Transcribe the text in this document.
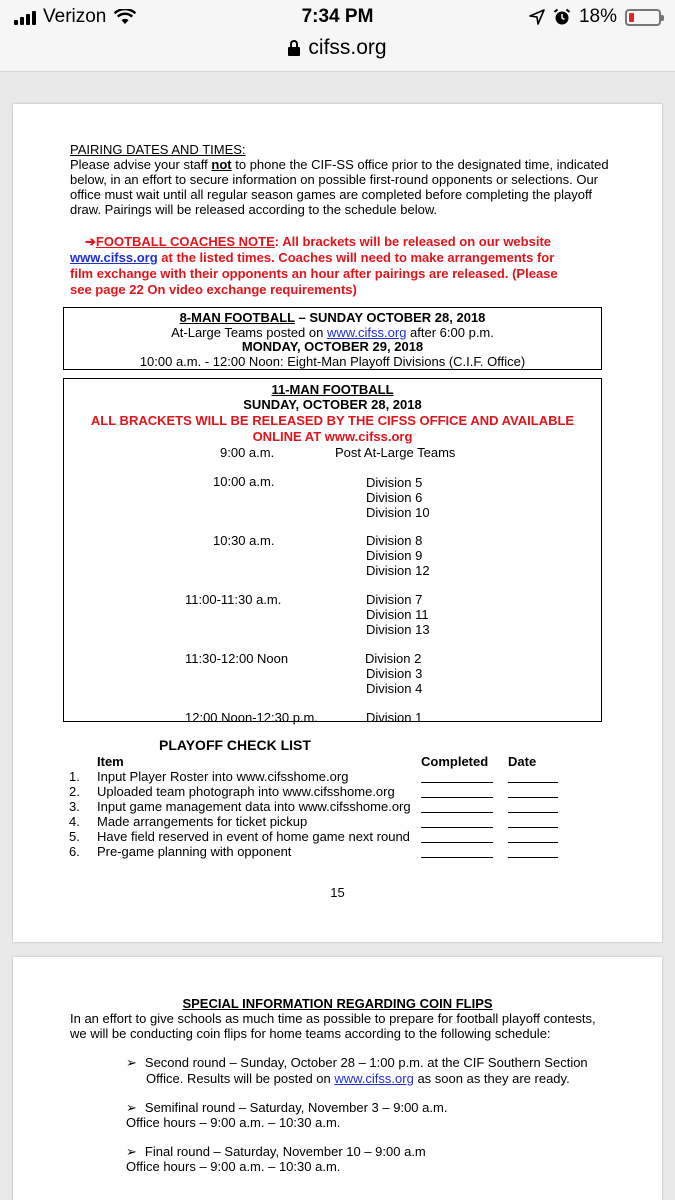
Verizon	7:34 PM	18%
cifss.org
PAIRING DATES AND TIMES:
Please advise your staff not to phone the CIF-SS office prior to the designated time, indicated
below, in an effort to secure information on possible first-round opponents or selections. Our
office must wait until all regular season games are completed before completing the playoff
draw. Pairings will be released according to the schedule below.
➔FOOTBALL COACHES NOTE: All brackets will be released on our website
www.cifss.org at the listed times. Coaches will need to make arrangements for
film exchange with their opponents an hour after pairings are released. (Please
see page 22 On video exchange requirements)
8-MAN FOOTBALL – SUNDAY OCTOBER 28, 2018
At-Large Teams posted on www.cifss.org after 6:00 p.m.
MONDAY, OCTOBER 29, 2018
10:00 a.m. - 12:00 Noon: Eight-Man Playoff Divisions (C.I.F. Office)
11-MAN FOOTBALL
SUNDAY, OCTOBER 28, 2018
ALL BRACKETS WILL BE RELEASED BY THE CIFSS OFFICE AND AVAILABLE
ONLINE AT www.cifss.org
9:00 a.m.	Post At-Large Teams
10:00 a.m.	Division 5
Division 6
Division 10
10:30 a.m.	Division 8
Division 9
Division 12
11:00-11:30 a.m.	Division 7
Division 11
Division 13
11:30-12:00 Noon	Division 2
Division 3
Division 4
12:00 Noon-12:30 p.m.	Division 1
PLAYOFF CHECK LIST
Item	Completed Date
1. Input Player Roster into www.cifsshome.org
2. Uploaded team photograph into www.cifsshome.org
3. Input game management data into www.cifsshome.org
4. Made arrangements for ticket pickup
5. Have field reserved in event of home game next round
6. Pre-game planning with opponent
15
SPECIAL INFORMATION REGARDING COIN FLIPS
In an effort to give schools as much time as possible to prepare for football playoff contests,
we will be conducting coin flips for home teams according to the following schedule:
➢ Second round – Sunday, October 28 – 1:00 p.m. at the CIF Southern Section
Office. Results will be posted on www.cifss.org as soon as they are ready.
➢ Semifinal round – Saturday, November 3 – 9:00 a.m.
Office hours – 9:00 a.m. – 10:30 a.m.
➢ Final round – Saturday, November 10 – 9:00 a.m
Office hours – 9:00 a.m. – 10:30 a.m.
